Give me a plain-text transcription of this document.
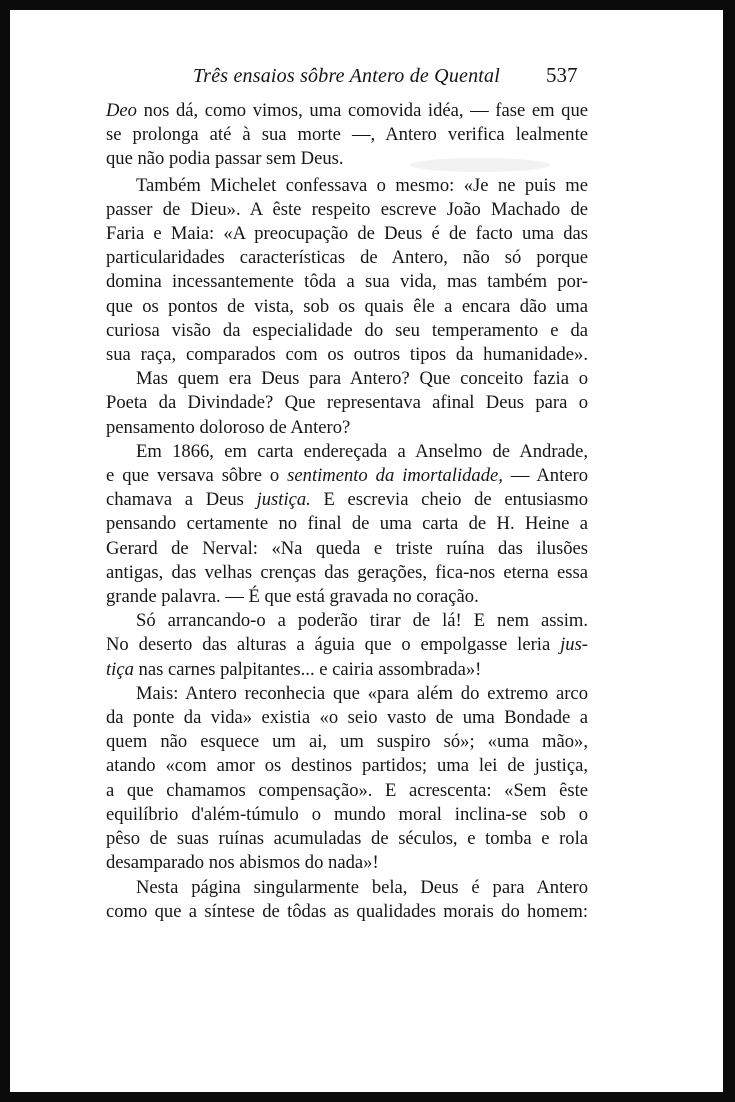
Três ensaios sôbre Antero de Quental 537
Deo nos dá, como vimos, uma comovida idéa, — fase em que
se prolonga até à sua morte —, Antero verifica lealmente
que não podia passar sem Deus.
Também Michelet confessava o mesmo: «Je ne puis me
passer de Dieu». A êste respeito escreve João Machado de
Faria e Maia: «A preocupação de Deus é de facto uma das
particularidades características de Antero, não só porque
domina incessantemente tôda a sua vida, mas também por-
que os pontos de vista, sob os quais êle a encara dão uma
curiosa visão da especialidade do seu temperamento e da
sua raça, comparados com os outros tipos da humanidade».
Mas quem era Deus para Antero? Que conceito fazia o
Poeta da Divindade? Que representava afinal Deus para o
pensamento doloroso de Antero?
Em 1866, em carta endereçada a Anselmo de Andrade,
e que versava sôbre o sentimento da imortalidade, — Antero
chamava a Deus justiça. E escrevia cheio de entusiasmo
pensando certamente no final de uma carta de H. Heine a
Gerard de Nerval: «Na queda e triste ruína das ilusões
antigas, das velhas crenças das gerações, fica-nos eterna essa
grande palavra. — É que está gravada no coração.
Só arrancando-o a poderão tirar de lá! E nem assim.
No deserto das alturas a águia que o empolgasse leria jus-
tiça nas carnes palpitantes... e cairia assombrada»!
Mais: Antero reconhecia que «para além do extremo arco
da ponte da vida» existia «o seio vasto de uma Bondade a
quem não esquece um ai, um suspiro só»; «uma mão»,
atando «com amor os destinos partidos; uma lei de justiça,
a que chamamos compensação». E acrescenta: «Sem êste
equilíbrio d'além-túmulo o mundo moral inclina-se sob o
pêso de suas ruínas acumuladas de séculos, e tomba e rola
desamparado nos abismos do nada»!
Nesta página singularmente bela, Deus é para Antero
como que a síntese de tôdas as qualidades morais do homem:
